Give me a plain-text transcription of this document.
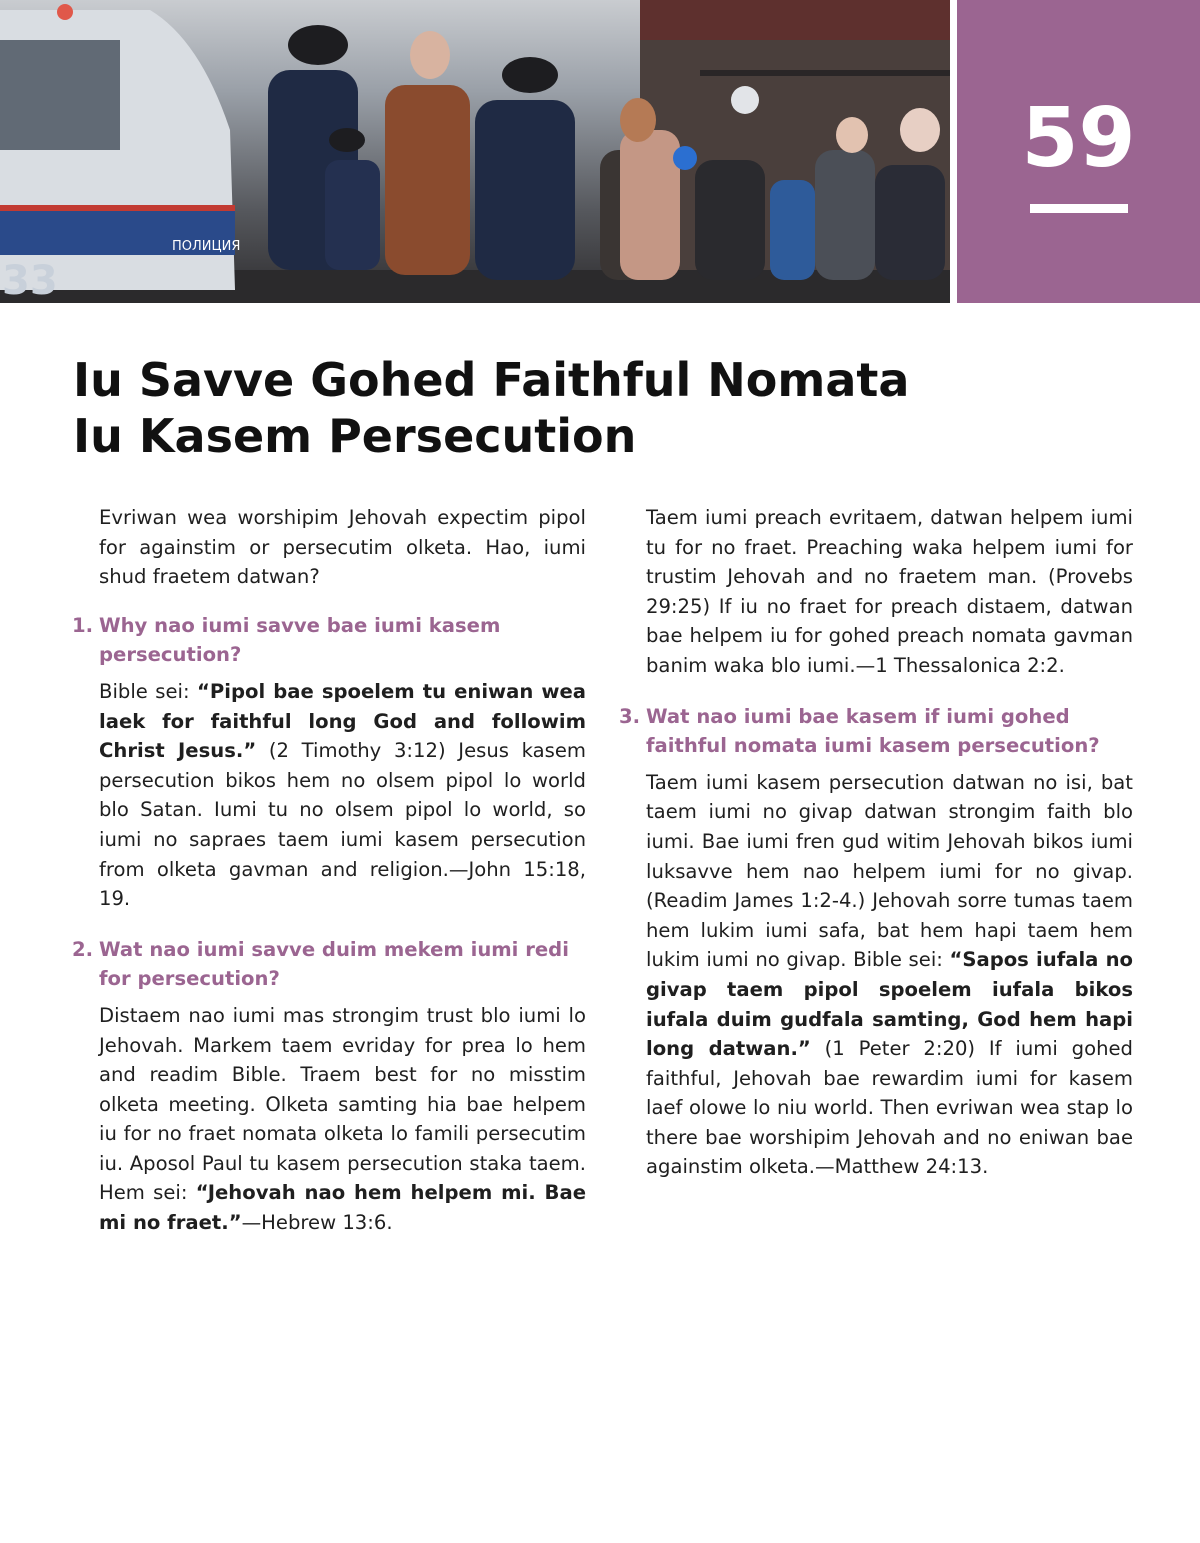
ПОЛИЦИЯ
33
59
Iu Savve Gohed Faithful Nomata
Iu Kasem Persecution

Evriwan wea worshipim Jehovah expectim pipol for againstim or persecutim olketa. Hao, iumi shud fraetem datwan?

1. Why nao iumi savve bae iumi kasem persecution?

Bible sei: “Pipol bae spoelem tu eniwan wea laek for faithful long God and followim Christ Jesus.” (2 Timothy 3:12) Jesus kasem persecution bikos hem no olsem pipol lo world blo Satan. Iumi tu no olsem pipol lo world, so iumi no sapraes taem iumi kasem persecution from olketa gavman and religion.—John 15:18, 19.

2. Wat nao iumi savve duim mekem iumi redi for persecution?

Distaem nao iumi mas strongim trust blo iumi lo Jehovah. Markem taem evriday for prea lo hem and readim Bible. Traem best for no misstim olketa meeting. Olketa samting hia bae helpem iu for no fraet nomata olketa lo famili persecutim iu. Aposol Paul tu kasem persecution staka taem. Hem sei: “Jehovah nao hem helpem mi. Bae mi no fraet.”—Hebrew 13:6.

Taem iumi preach evritaem, datwan helpem iumi tu for no fraet. Preaching waka helpem iumi for trustim Jehovah and no fraetem man. (Provebs 29:25) If iu no fraet for preach distaem, datwan bae helpem iu for gohed preach nomata gavman banim waka blo iumi.—1 Thessalonica 2:2.

3. Wat nao iumi bae kasem if iumi gohed faithful nomata iumi kasem persecution?

Taem iumi kasem persecution datwan no isi, bat taem iumi no givap datwan strongim faith blo iumi. Bae iumi fren gud witim Jehovah bikos iumi luksavve hem nao helpem iumi for no givap. (Readim James 1:2-4.) Jehovah sorre tumas taem hem lukim iumi safa, bat hem hapi taem hem lukim iumi no givap. Bible sei: “Sapos iufala no givap taem pipol spoelem iufala bikos iufala duim gudfala samting, God hem hapi long datwan.” (1 Peter 2:20) If iumi gohed faithful, Jehovah bae rewardim iumi for kasem laef olowe lo niu world. Then evriwan wea stap lo there bae worshipim Jehovah and no eniwan bae againstim olketa.—Matthew 24:13.
